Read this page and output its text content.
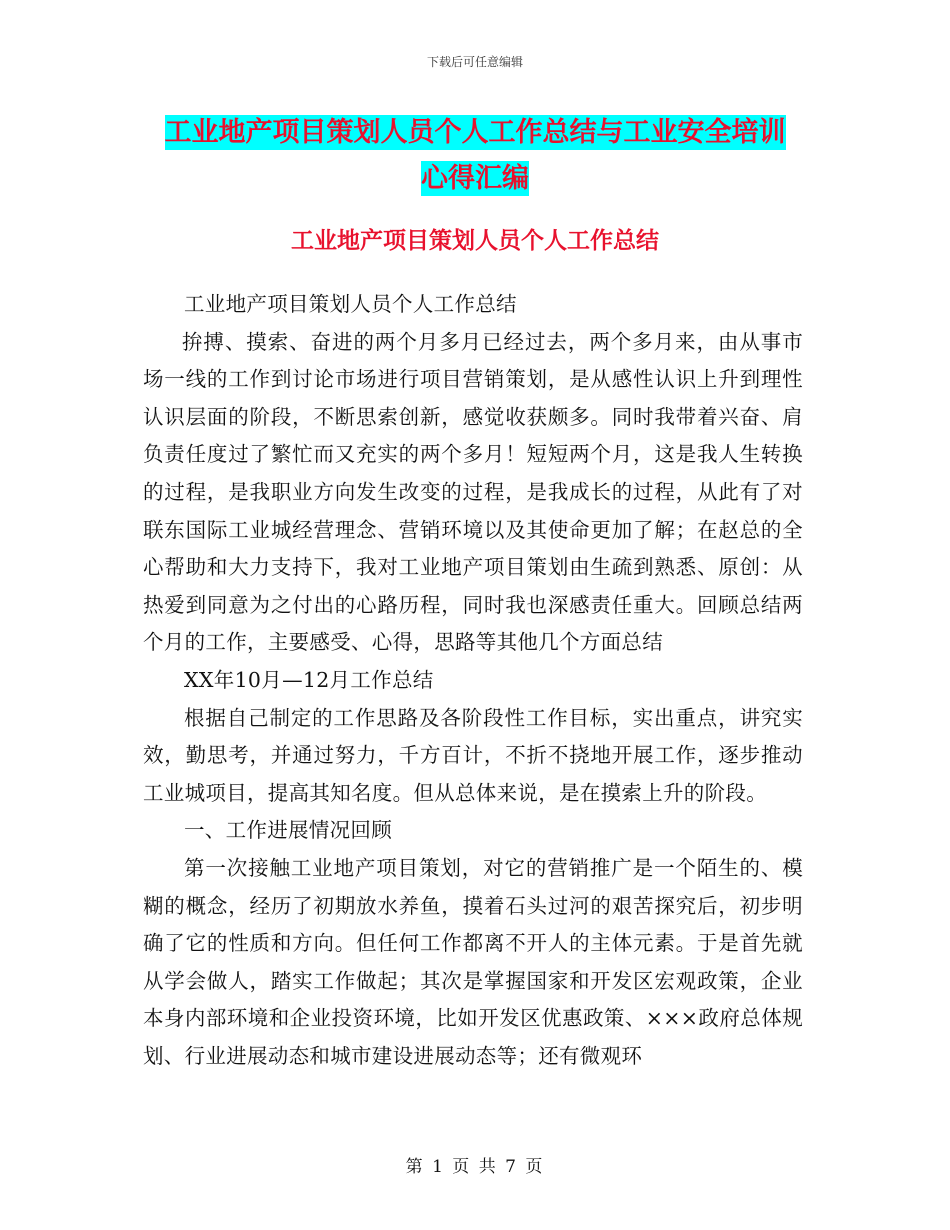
下载后可任意编辑
工业地产项目策划人员个人工作总结与工业安全培训
心得汇编
工业地产项目策划人员个人工作总结

工业地产项目策划人员个人工作总结

拚搏、摸索、奋进的两个月多月已经过去，两个多月来，由从事市场一线的工作到讨论市场进行项目营销策划，是从感性认识上升到理性认识层面的阶段，不断思索创新，感觉收获颇多。同时我带着兴奋、肩负责任度过了繁忙而又充实的两个多月！短短两个月，这是我人生转换的过程，是我职业方向发生改变的过程，是我成长的过程，从此有了对联东国际工业城经营理念、营销环境以及其使命更加了解；在赵总的全心帮助和大力支持下，我对工业地产项目策划由生疏到熟悉、原创：从热爱到同意为之付出的心路历程，同时我也深感责任重大。回顾总结两个月的工作，主要感受、心得，思路等其他几个方面总结

XX年10月—12月工作总结

根据自己制定的工作思路及各阶段性工作目标，实出重点，讲究实效，勤思考，并通过努力，千方百计，不折不挠地开展工作，逐步推动工业城项目，提高其知名度。但从总体来说，是在摸索上升的阶段。

一、工作进展情况回顾

第一次接触工业地产项目策划，对它的营销推广是一个陌生的、模糊的概念，经历了初期放水养鱼，摸着石头过河的艰苦探究后，初步明确了它的性质和方向。但任何工作都离不开人的主体元素。于是首先就从学会做人，踏实工作做起；其次是掌握国家和开发区宏观政策，企业本身内部环境和企业投资环境，比如开发区优惠政策、×××政府总体规划、行业进展动态和城市建设进展动态等；还有微观环

第 1 页 共 7 页
